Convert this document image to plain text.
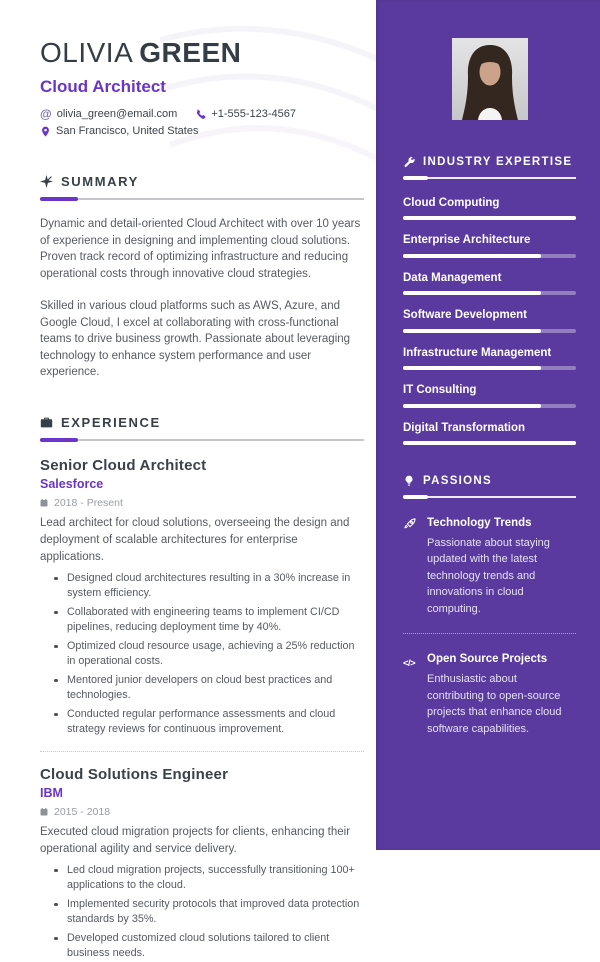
OLIVIA GREEN
Cloud Architect
@ olivia_green@email.com	+1-555-123-4567
San Francisco, United States
SUMMARY

Dynamic and detail-oriented Cloud Architect with over 10 years of experience in designing and implementing cloud solutions. Proven track record of optimizing infrastructure and reducing operational costs through innovative cloud strategies.

Skilled in various cloud platforms such as AWS, Azure, and Google Cloud, I excel at collaborating with cross-functional teams to drive business growth. Passionate about leveraging technology to enhance system performance and user experience.

EXPERIENCE
Senior Cloud Architect
Salesforce
2018 - Present

Lead architect for cloud solutions, overseeing the design and deployment of scalable architectures for enterprise applications.

Designed cloud architectures resulting in a 30% increase in system efficiency.
Collaborated with engineering teams to implement CI/CD pipelines, reducing deployment time by 40%.
Optimized cloud resource usage, achieving a 25% reduction in operational costs.
Mentored junior developers on cloud best practices and technologies.
Conducted regular performance assessments and cloud strategy reviews for continuous improvement.
Cloud Solutions Engineer
IBM
2015 - 2018

Executed cloud migration projects for clients, enhancing their operational agility and service delivery.

Led cloud migration projects, successfully transitioning 100+ applications to the cloud.
Implemented security protocols that improved data protection standards by 35%.
Developed customized cloud solutions tailored to client business needs.
INDUSTRY EXPERTISE
Cloud Computing
Enterprise Architecture
Data Management
Software Development
Infrastructure Management
IT Consulting
Digital Transformation
PASSIONS
Technology Trends
Passionate about staying updated with the latest technology trends and innovations in cloud computing.
</> Open Source Projects
Enthusiastic about contributing to open-source projects that enhance cloud software capabilities.
